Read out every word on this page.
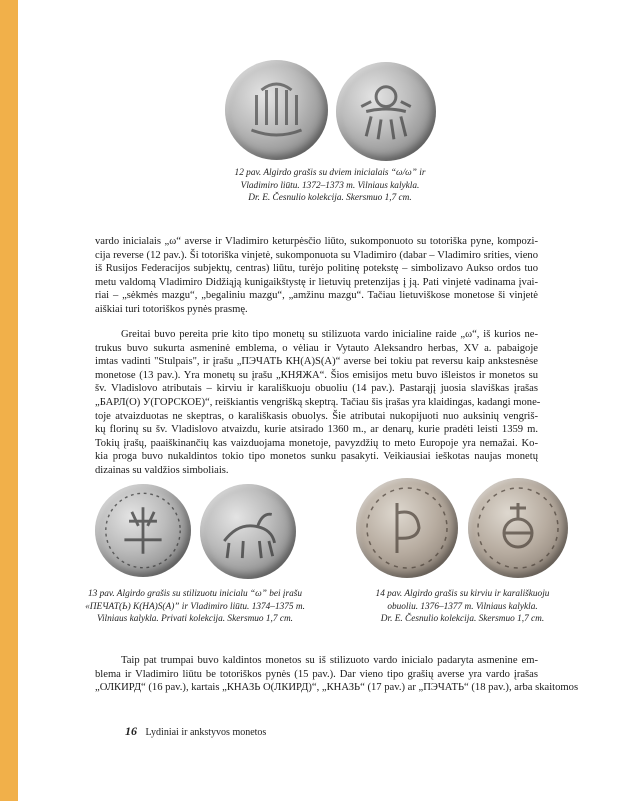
12 pav. Algirdo grašis su dviem inicialais “ω/ω” ir
Vladimiro liūtu. 1372–1373 m. Vilniaus kalykla.
Dr. E. Česnulio kolekcija. Skersmuo 1,7 cm.
vardo inicialais „ω“ averse ir Vladimiro keturpėsčio liūto, sukomponuoto su totoriška pyne, kompozi-
cija reverse (12 pav.). Ši totoriška vinjetė, sukomponuota su Vladimiro (dabar – Vladimiro srities, vieno
iš Rusijos Federacijos subjektų, centras) liūtu, turėjo politinę potekstę – simbolizavo Aukso ordos tuo
metu valdomą Vladimiro Didžiąją kunigaikštystę ir lietuvių pretenzijas į ją. Pati vinjetė vadinama įvai-
riai – „sėkmės mazgu“, „begaliniu mazgu“, „amžinu mazgu“. Tačiau lietuviškose monetose ši vinjetė
aiškiai turi totoriškos pynės prasmę.
Greitai buvo pereita prie kito tipo monetų su stilizuota vardo inicialine raide „ω“, iš kurios ne-
trukus buvo sukurta asmeninė emblema, o vėliau ir Vytauto Aleksandro herbas, XV a. pabaigoje
imtas vadinti "Stulpais", ir įrašu „ПЭЧАТЬ КН(A)S(A)“ averse bei tokiu pat reversu kaip ankstesnėse
monetose (13 pav.). Yra monetų su įrašu „КНЯЖА“. Šios emisijos metu buvo išleistos ir monetos su
šv. Vladislovo atributais – kirviu ir karališkuoju obuoliu (14 pav.). Pastarąjį juosia slaviškas įrašas
„БАРЛ(О) У(ГОРСКОЕ)“, reiškiantis vengrišką skeptrą. Tačiau šis įrašas yra klaidingas, kadangi mone-
toje atvaizduotas ne skeptras, o karališkasis obuolys. Šie atributai nukopijuoti nuo auksinių vengriš-
kų florinų su šv. Vladislovo atvaizdu, kurie atsirado 1360 m., ar denarų, kurie pradėti leisti 1359 m.
Tokių įrašų, paaiškinančių kas vaizduojama monetoje, pavyzdžių to meto Europoje yra nemažai. Ko-
kia proga buvo nukaldintos tokio tipo monetos sunku pasakyti. Veikiausiai ieškotas naujas monetų
dizainas su valdžios simboliais.
13 pav. Algirdo grašis su stilizuotu inicialu “ω” bei įrašu
«ПЕЧАТ(Ь) К(НA)S(A)” ir Vladimiro liūtu. 1374–1375 m.
Vilniaus kalykla. Privati kolekcija. Skersmuo 1,7 cm.
14 pav. Algirdo grašis su kirviu ir karališkuoju
obuoliu. 1376–1377 m. Vilniaus kalykla.
Dr. E. Česnulio kolekcija. Skersmuo 1,7 cm.
Taip pat trumpai buvo kaldintos monetos su iš stilizuoto vardo inicialo padaryta asmenine em-
blema ir Vladimiro liūtu be totoriškos pynės (15 pav.). Dar vieno tipo grašių averse yra vardo įrašas
„ОЛКИРД“ (16 pav.), kartais „КНАЗЬ О(ЛКИРД)“, „КНАЗЬ“ (17 pav.) ar „ПЭЧАТЬ“ (18 pav.), arba skaitomos
16 Lydiniai ir ankstyvos monetos
